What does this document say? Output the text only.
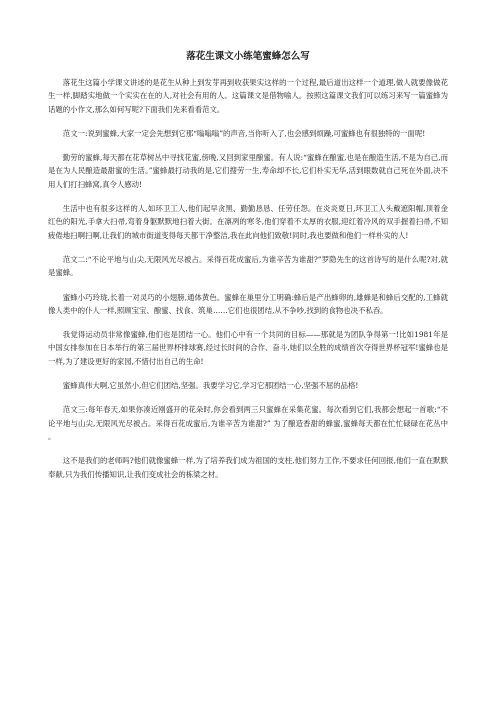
落花生课文小练笔蜜蜂怎么写

落花生这篇小学课文讲述的是花生从种上到发芽再到收获果实这样的一个过程,最后道出这样一个道理,做人就要像做花生一样,脚踏实地做一个实实在在的人,对社会有用的人。这篇课文是借物喻人。按照这篇课文我们可以练习来写一篇蜜蜂为话题的小作文,那么如何写呢?下面我们先来看看范文。

范文一:说到蜜蜂,大家一定会先想到它那“嗡嗡嗡”的声音,当你听入了,也会感到烦躁,可蜜蜂也有很独特的一面呢!

勤劳的蜜蜂,每天都在花草树丛中寻找花蜜,傍晚,又回到家里酿蜜。有人说:“蜜蜂在酿蜜,也是在酿造生活,不是为自己,而是在为人民酿造最甜蜜的生活。”蜜蜂最打动我的是,它们搜劳一生,寿命却不长,它们朴实无华,活到眼数就自己死在外面,决不用人们打扫蜂窝,真令人感动!

生活中也有很多这样的人,如环卫工人,他们起早贪黑、勤勤恳恳、任劳任怨。在炎炎夏日,环卫工人头戴遮阳帽,顶着金红色的阳光,手拿大扫帚,弯着身躯默默地扫着大街。在凛冽的寒冬,他们穿着不太厚的衣服,迎红着冷风的双手握着扫帚,不知疲倦地扫啊扫啊,让我们的城市街道变得每天都干净整洁,我在此向他们致敬!同时,我也要做和他们一样朴实的人!

范文二:“不论平地与山尖,无限风光尽被占。采得百花成蜜后,为谁辛苦为谁甜?”罗隐先生的这首诗写的是什么呢?对,就是蜜蜂。

蜜蜂小巧玲珑,长着一对灵巧的小翅膀,通体黄色。蜜蜂在巢里分工明确:蜂后是产出蜂卵的,雄蜂是和蜂后交配的,工蜂就像人类中的仆人一样,照顾宝宝、酿蜜、找食、筑巢……它们也很团结,从不争吵,找到的食物也决不私吞。

我觉得运动员非常像蜜蜂,他们也是团结一心。他们心中有一个共同的目标——那就是为团队争得第一!比如1981年是中国女排参加在日本举行的第三届世界杯排球赛,经过长时间的合作、奋斗,她们以全胜的成绩首次夺得世界杯冠军!蜜蜂也是一样,为了建设更好的家园,不惜付出自己的生命!

蜜蜂真伟大啊,它虽然小,但它们团结,坚强。我要学习它,学习它那团结一心,坚强不屈的品格!

范文三:每年春天,如果你凑近刚盛开的花朵时,你会看到两三只蜜蜂在采集花蜜。每次看到它们,我都会想起一首歌:“不论平地与山尖,无限风光尽被占。采得百花成蜜后,为谁辛苦为谁甜?” 为了酿造香甜的蜂蜜,蜜蜂每天都在忙忙碌碌在花丛中 。

这不是我们的老师吗?他们就像蜜蜂一样,为了培养我们成为祖国的支柱,他们努力工作,不要求任何回报,他们一直在默默奉献,只为我们传播知识,让我们变成社会的栋梁之材。
